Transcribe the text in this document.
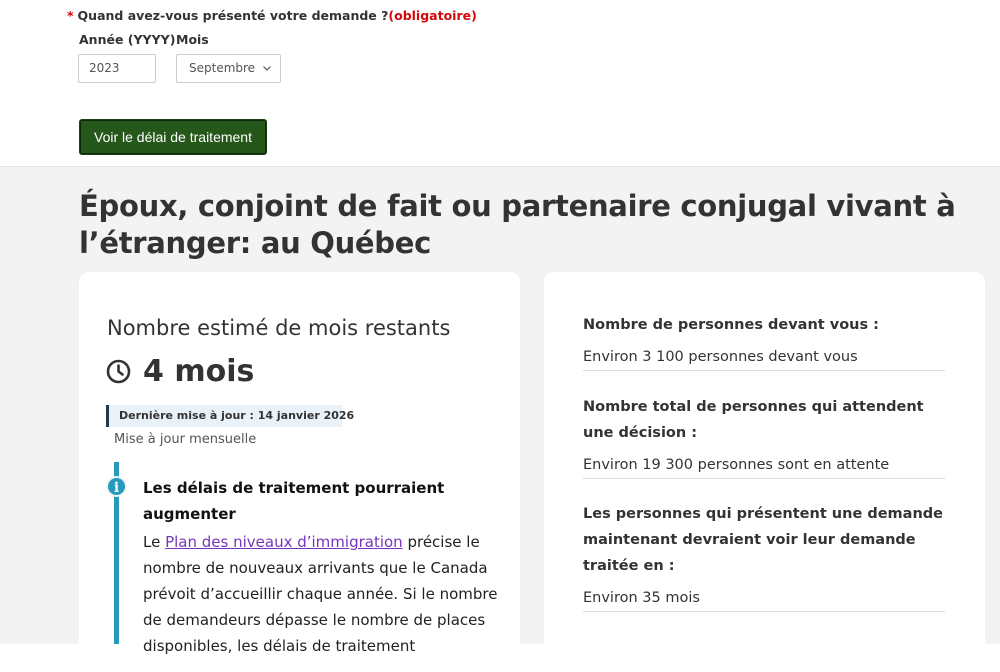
* Quand avez-vous présenté votre demande ?(obligatoire)
Année (YYYY) Mois
2023	Septembre
Voir le délai de traitement
Époux, conjoint de fait ou partenaire conjugal vivant à l’étranger: au Québec
Nombre estimé de mois restants
4 mois
Dernière mise à jour : 14 janvier 2026
Mise à jour mensuelle
i	Les délais de traitement pourraient augmenter
Le Plan des niveaux d’immigration précise le nombre de nouveaux arrivants que le Canada prévoit d’accueillir chaque année. Si le nombre de demandeurs dépasse le nombre de places disponibles, les délais de traitement
Nombre de personnes devant vous :
Environ 3 100 personnes devant vous
Nombre total de personnes qui attendent une décision :
Environ 19 300 personnes sont en attente
Les personnes qui présentent une demande maintenant devraient voir leur demande traitée en :
Environ 35 mois
